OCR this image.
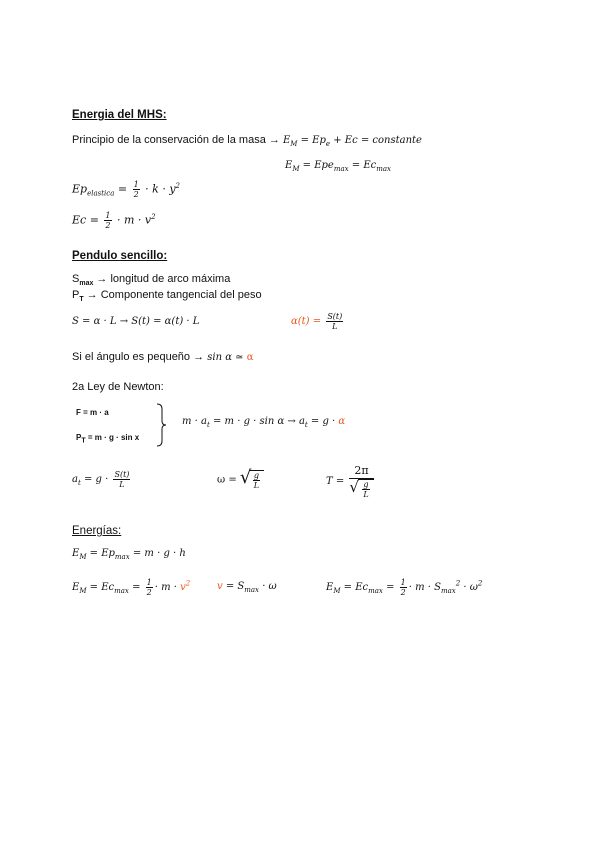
Energia del MHS:
Principio de la conservación de la masa → $E_M = Ep_e + Ec$ = constante
$E_M = Epe_{max} = Ec_{max}$
$Ep_{elastica} = \frac{1}{2} \cdot k \cdot y^2$
$Ec = \frac{1}{2} \cdot m \cdot v^2$
Pendulo sencillo:
$S_{max}$ → longitud de arco máxima
$P_T$ → Componente tangencial del peso
S = α · L → S(t) = α(t) · L	$\alpha(t) = \frac{S(t)}{L}$
Si el ángulo es pequeño → sin α ≃ α
2a Ley de Newton:
F = m · a
$P_T = m \cdot g \cdot \sin x$
$m \cdot a_t = m \cdot g \cdot \sin \alpha \to a_t = g \cdot \alpha$
$a_t = g \cdot \frac{S(t)}{L}$	ω = √ $\frac{g}{L}$	$T = \frac{2\pi}{√ \frac{g}{L}}$
Energías:
$E_M = Ep_{max} = m \cdot g \cdot h$
$E_M = Ec_{max} = \frac{1}{2} \cdot m \cdot v^2$	$v = S_{max} \cdot \omega$	$E_M = Ec_{max} = \frac{1}{2} \cdot m \cdot S_{max}^2 \cdot \omega^2$
